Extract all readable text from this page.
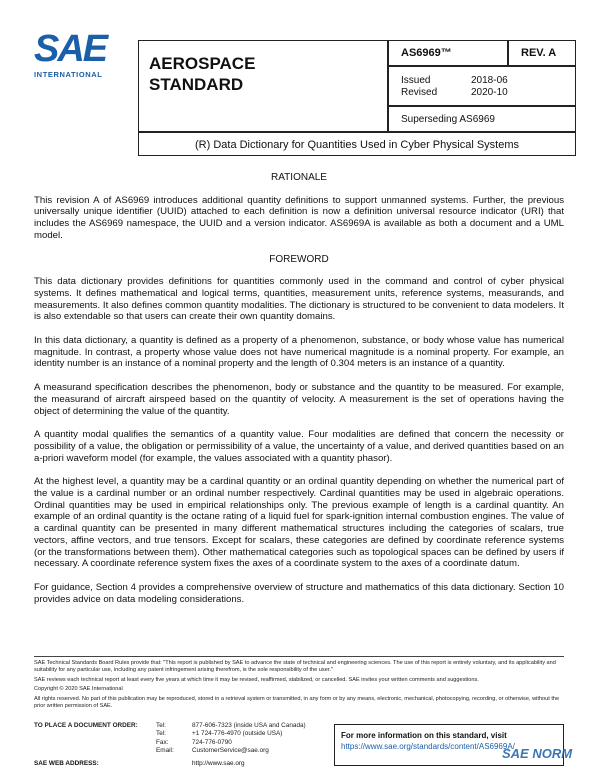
SAE
INTERNATIONAL
AEROSPACE
STANDARD
AS6969™	REV. A
Issued	2018-06
Revised	2020-10
Superseding AS6969
(R) Data Dictionary for Quantities Used in Cyber Physical Systems
RATIONALE

This revision A of AS6969 introduces additional quantity definitions to support unmanned systems. Further, the previous universally unique identifier (UUID) attached to each definition is now a definition universal resource indicator (URI) that includes the AS6969 namespace, the UUID and a version indicator. AS6969A is available as both a document and a UML model.

FOREWORD

This data dictionary provides definitions for quantities commonly used in the command and control of cyber physical systems. It defines mathematical and logical terms, quantities, measurement units, reference systems, measurands, and measurements. It also defines common quantity modalities. The dictionary is structured to be convenient to data modelers. It is also extendable so that users can create their own quantity domains.

In this data dictionary, a quantity is defined as a property of a phenomenon, substance, or body whose value has numerical magnitude. In contrast, a property whose value does not have numerical magnitude is a nominal property. For example, an identity number is an instance of a nominal property and the length of 0.304 meters is an instance of a quantity.

A measurand specification describes the phenomenon, body or substance and the quantity to be measured. For example, the measurand of aircraft airspeed based on the quantity of velocity. A measurement is the set of operations having the object of determining the value of the quantity.

A quantity modal qualifies the semantics of a quantity value. Four modalities are defined that concern the necessity or possibility of a value, the obligation or permissibility of a value, the uncertainty of a value, and derived quantities based on an a-priori waveform model (for example, the values associated with a quantity phasor).

At the highest level, a quantity may be a cardinal quantity or an ordinal quantity depending on whether the numerical part of the value is a cardinal number or an ordinal number respectively. Cardinal quantities may be used in algebraic operations. Ordinal quantities may be used in empirical relationships only. The previous example of length is a cardinal quantity. An example of an ordinal quantity is the octane rating of a liquid fuel for spark-ignition internal combustion engines. The value of a cardinal quantity can be presented in many different mathematical structures including the categories of scalars, true vectors, affine vectors, and true tensors. Except for scalars, these categories are defined by coordinate reference systems (or the transformations between them). Other mathematical categories such as topological spaces can be defined by users if necessary. A coordinate reference system fixes the axes of a coordinate system to the axes of a coordinate datum.

For guidance, Section 4 provides a comprehensive overview of structure and mathematics of this data dictionary. Section 10 provides advice on data modeling considerations.

SAE Technical Standards Board Rules provide that: "This report is published by SAE to advance the state of technical and engineering sciences. The use of this report is entirely voluntary, and its applicability and suitability for any particular use, including any patent infringement arising therefrom, is the sole responsibility of the user."

SAE reviews each technical report at least every five years at which time it may be revised, reaffirmed, stabilized, or cancelled. SAE invites your written comments and suggestions.

Copyright © 2020 SAE International

All rights reserved. No part of this publication may be reproduced, stored in a retrieval system or transmitted, in any form or by any means, electronic, mechanical, photocopying, recording, or otherwise, without the prior written permission of SAE.

TO PLACE A DOCUMENT ORDER:	Tel:	877-606-7323 (inside USA and Canada)
Tel:	+1 724-776-4970 (outside USA)
Fax:	724-776-0790
Email:	CustomerService@sae.org
SAE WEB ADDRESS:	http://www.sae.org
For more information on this standard, visit
https://www.sae.org/standards/content/AS6969A/
SAE NORM
